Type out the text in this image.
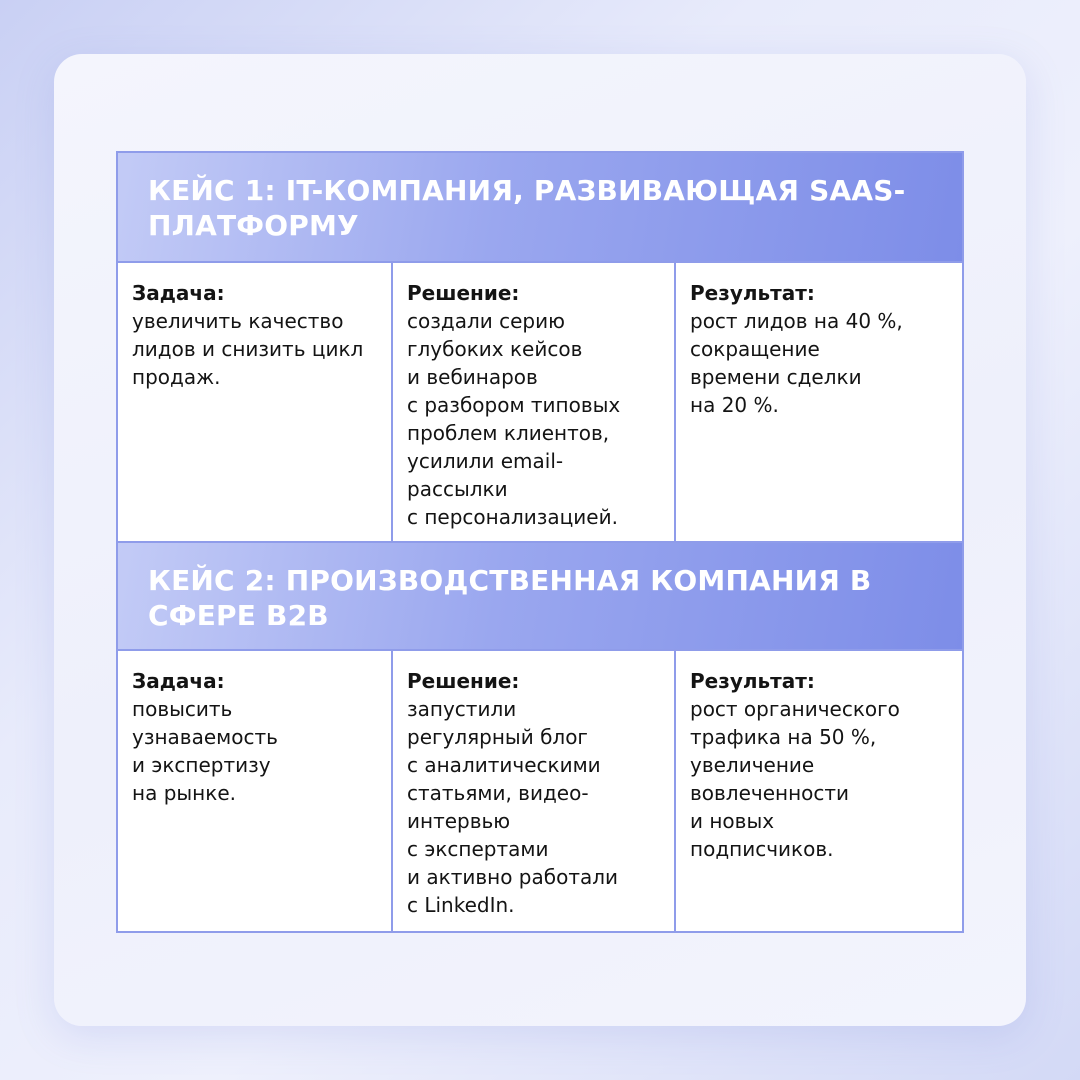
КЕЙС 1: IT-КОМПАНИЯ, РАЗВИВАЮЩАЯ SAAS-ПЛАТФОРМУ
Задача:
увеличить качество
лидов и снизить цикл
продаж.
Решение:
создали серию
глубоких кейсов
и вебинаров
с разбором типовых
проблем клиентов,
усилили email-
рассылки
с персонализацией.
Результат:
рост лидов на 40 %,
сокращение
времени сделки
на 20 %.
КЕЙС 2: ПРОИЗВОДСТВЕННАЯ КОМПАНИЯ В СФЕРЕ B2B
Задача:
повысить
узнаваемость
и экспертизу
на рынке.
Решение:
запустили
регулярный блог
с аналитическими
статьями, видео-
интервью
с экспертами
и активно работали
с LinkedIn.
Результат:
рост органического
трафика на 50 %,
увеличение
вовлеченности
и новых
подписчиков.
